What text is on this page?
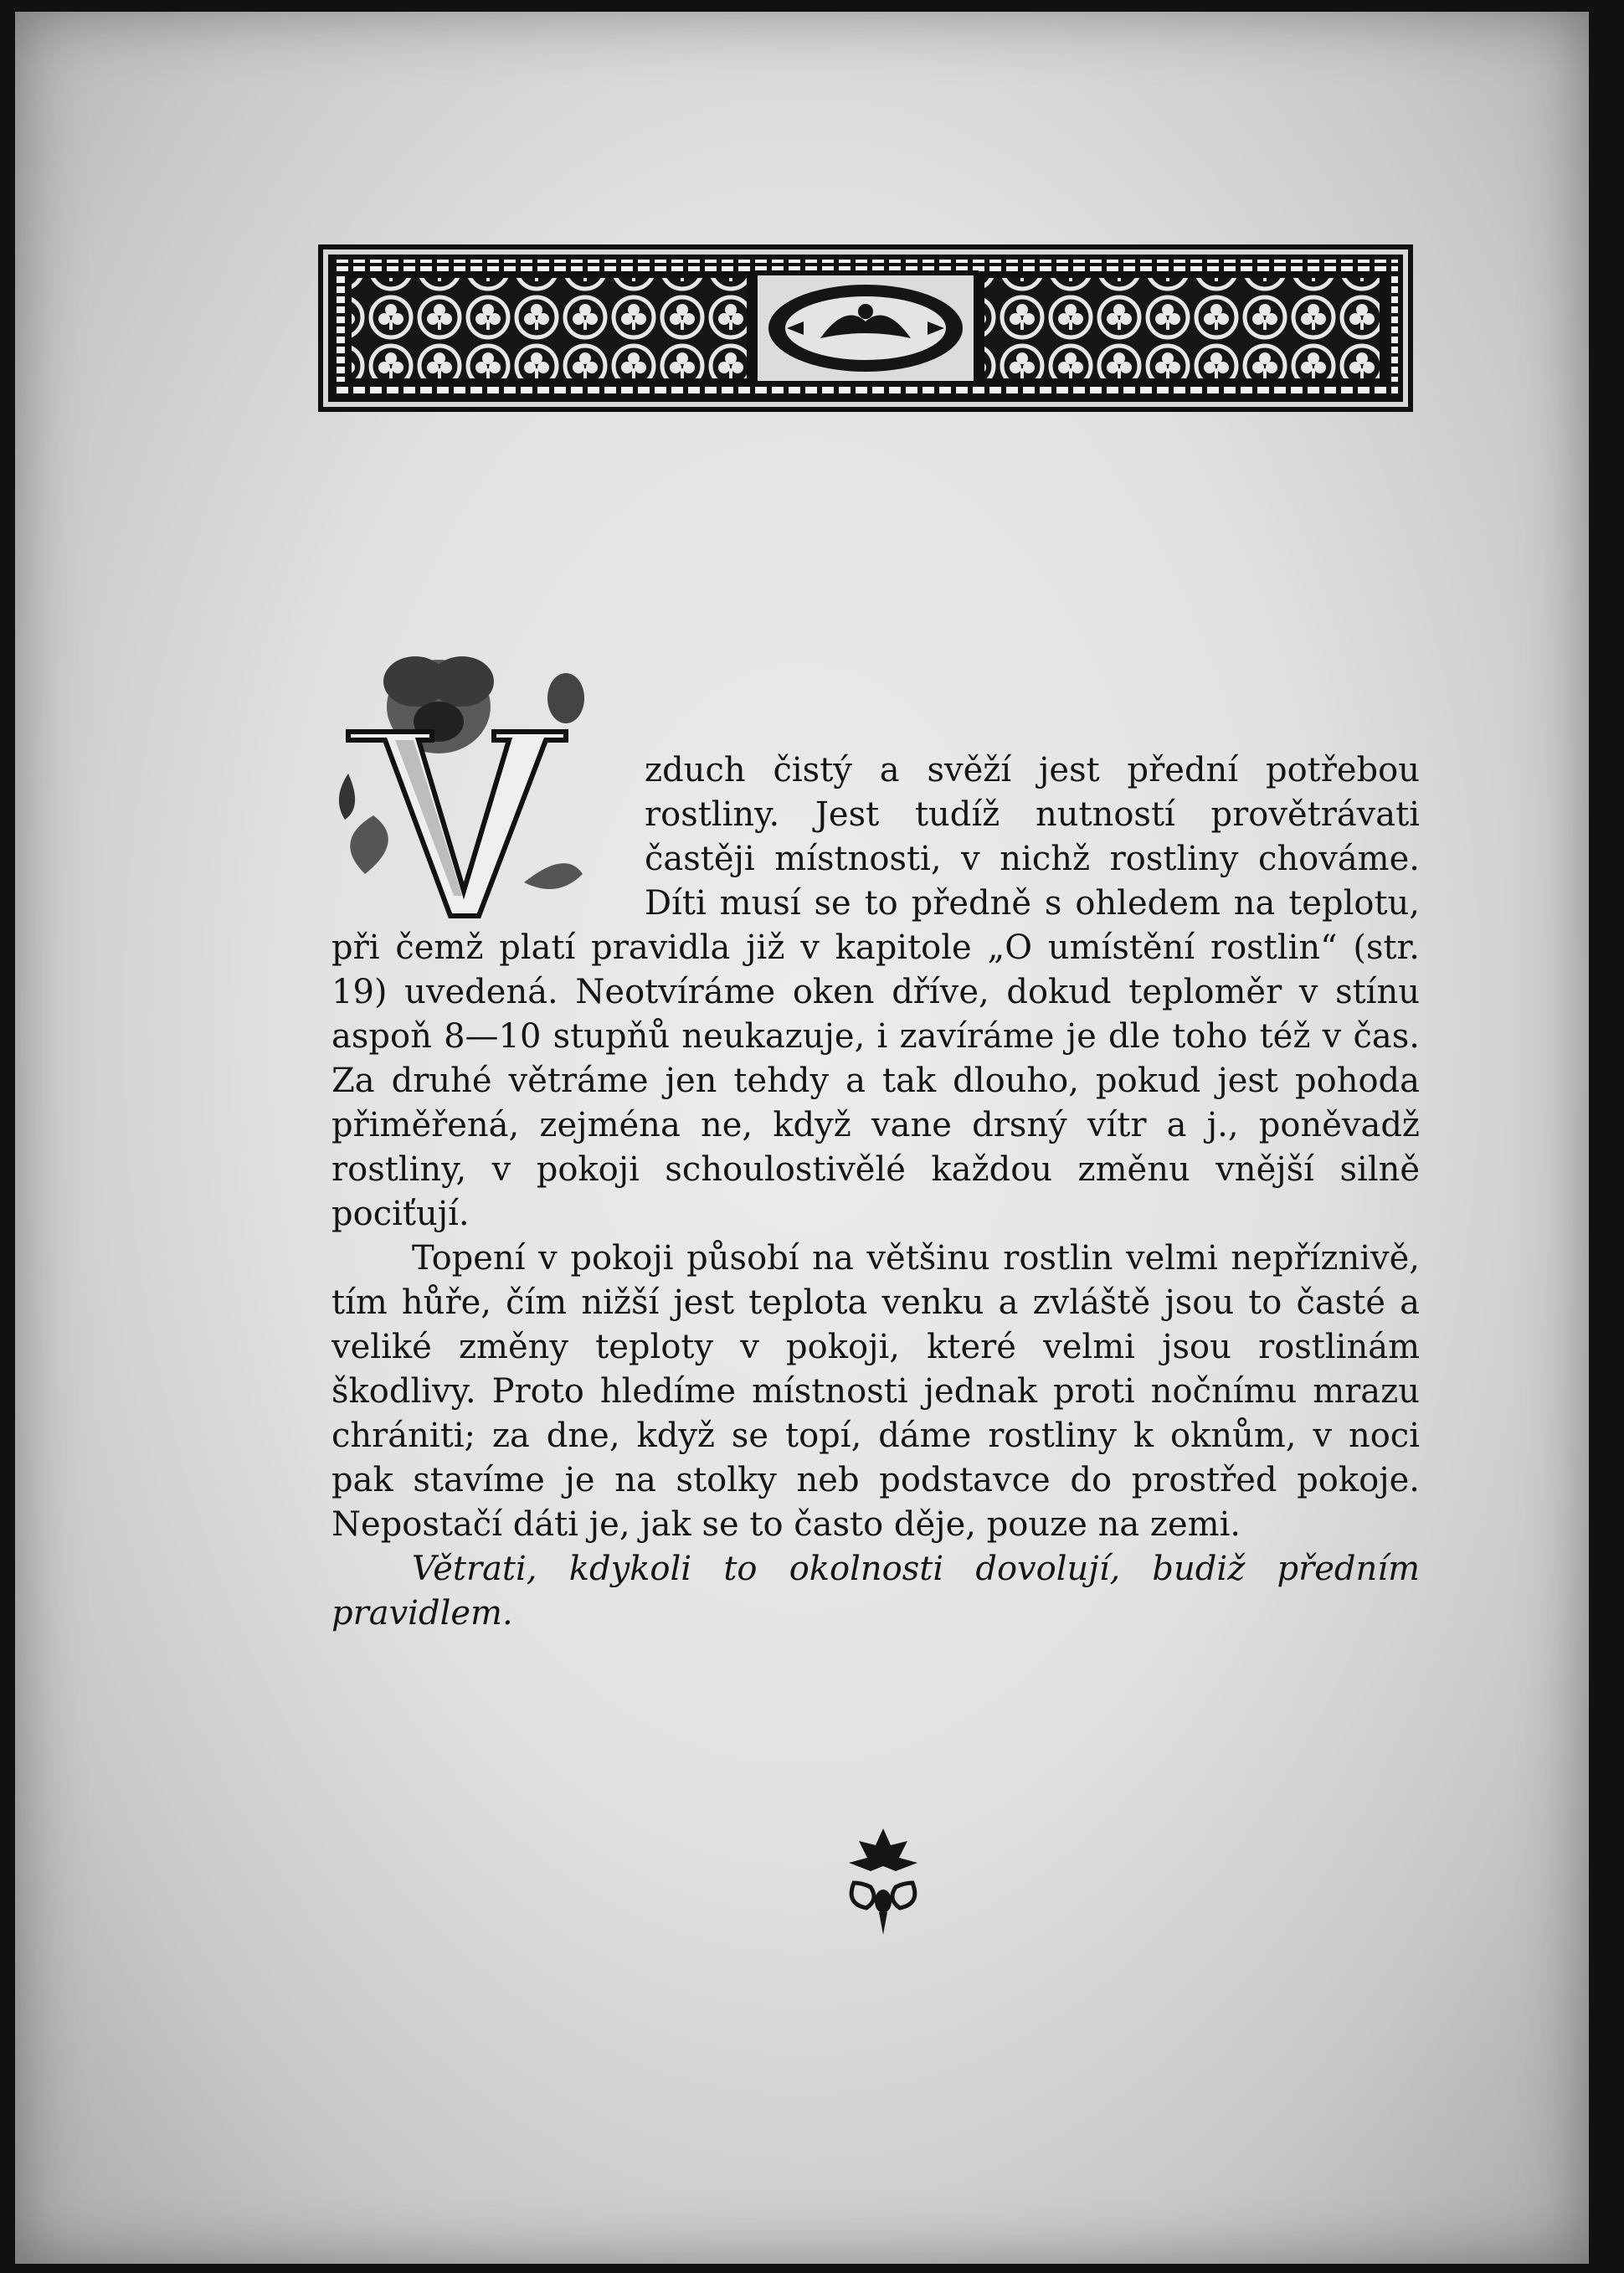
zduch čistý a svěží jest přední potřebou rostliny. Jest tudíž nutností provětrávati častěji místnosti, v nichž rostliny chováme. Díti musí se to předně s ohledem na teplotu, při čemž platí pravidla již v kapitole „O umístění rostlin“ (str. 19) uvedená. Neotvíráme oken dříve, dokud teploměr v stínu aspoň 8—10 stupňů neukazuje, i zavíráme je dle toho též v čas. Za druhé větráme jen tehdy a tak dlouho, pokud jest pohoda přiměřená, zejména ne, když vane drsný vítr a j., poněvadž rostliny, v pokoji schoulostivělé každou změnu vnější silně pociťují.

Topení v pokoji působí na většinu rostlin velmi nepříznivě, tím hůře, čím nižší jest teplota venku a zvláště jsou to časté a veliké změny teploty v pokoji, které velmi jsou rostlinám škodlivy. Proto hledíme místnosti jednak proti nočnímu mrazu chrániti; za dne, když se topí, dáme rostliny k oknům, v noci pak stavíme je na stolky neb podstavce do prostřed pokoje. Nepostačí dáti je, jak se to často děje, pouze na zemi.

Větrati, kdykoli to okolnosti dovolují, budiž předním pravidlem.
